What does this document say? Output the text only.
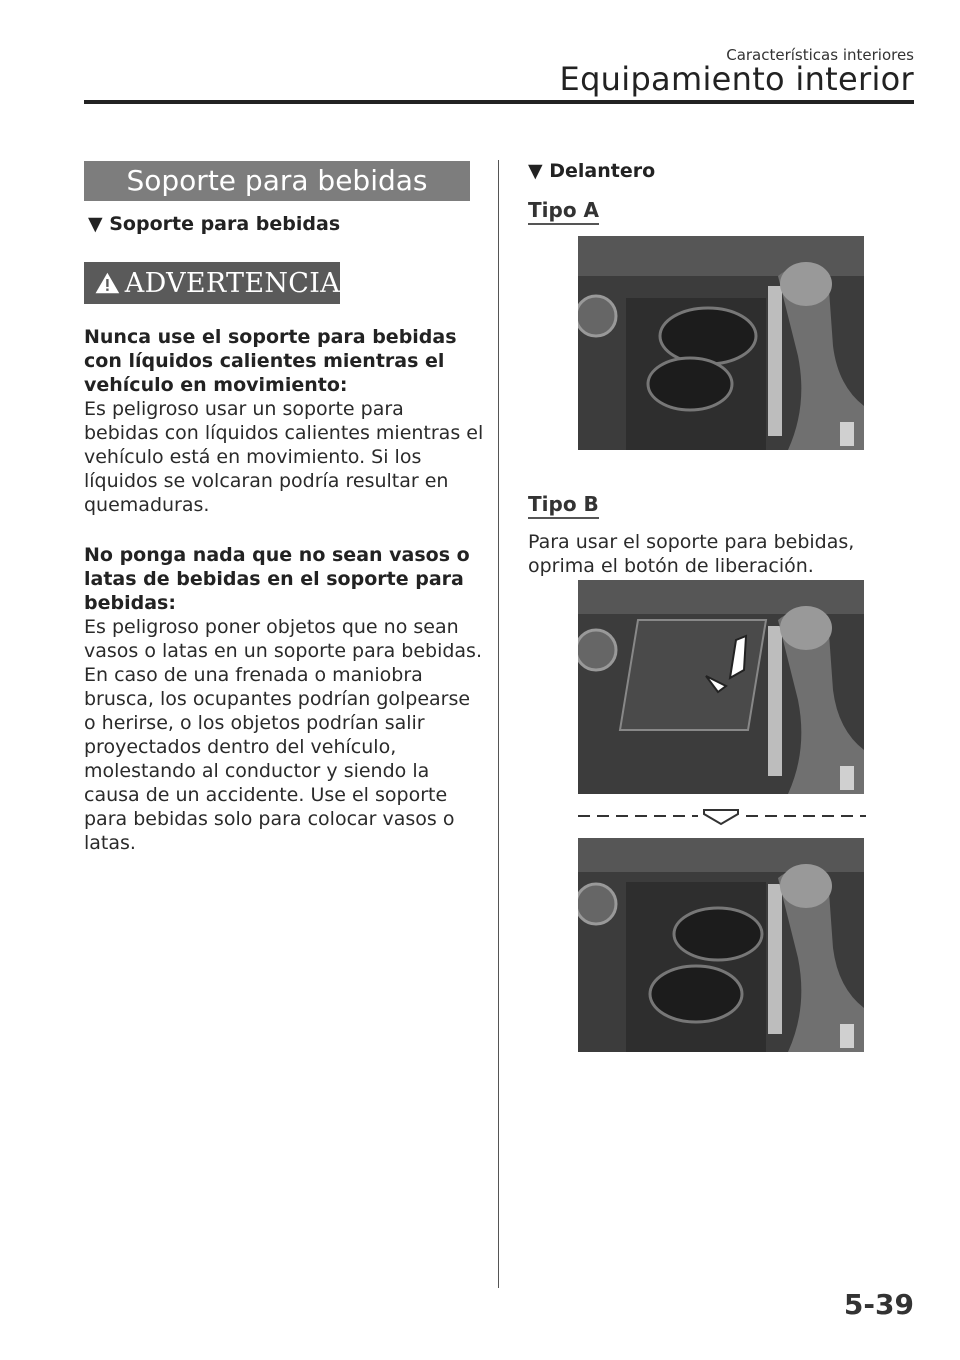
Características interiores
Equipamiento interior
Soporte para bebidas
▼ Soporte para bebidas
ADVERTENCIA
Nunca use el soporte para bebidas con líquidos calientes mientras el vehículo en movimiento:
Es peligroso usar un soporte para bebidas con líquidos calientes mientras el vehículo está en movimiento. Si los líquidos se volcaran podría resultar en quemaduras.
No ponga nada que no sean vasos o latas de bebidas en el soporte para bebidas:
Es peligroso poner objetos que no sean vasos o latas en un soporte para bebidas.
En caso de una frenada o maniobra brusca, los ocupantes podrían golpearse o herirse, o los objetos podrían salir proyectados dentro del vehículo, molestando al conductor y siendo la causa de un accidente. Use el soporte para bebidas solo para colocar vasos o latas.
▼ Delantero
Tipo A
Tipo B
Para usar el soporte para bebidas, oprima el botón de liberación.
5-39
